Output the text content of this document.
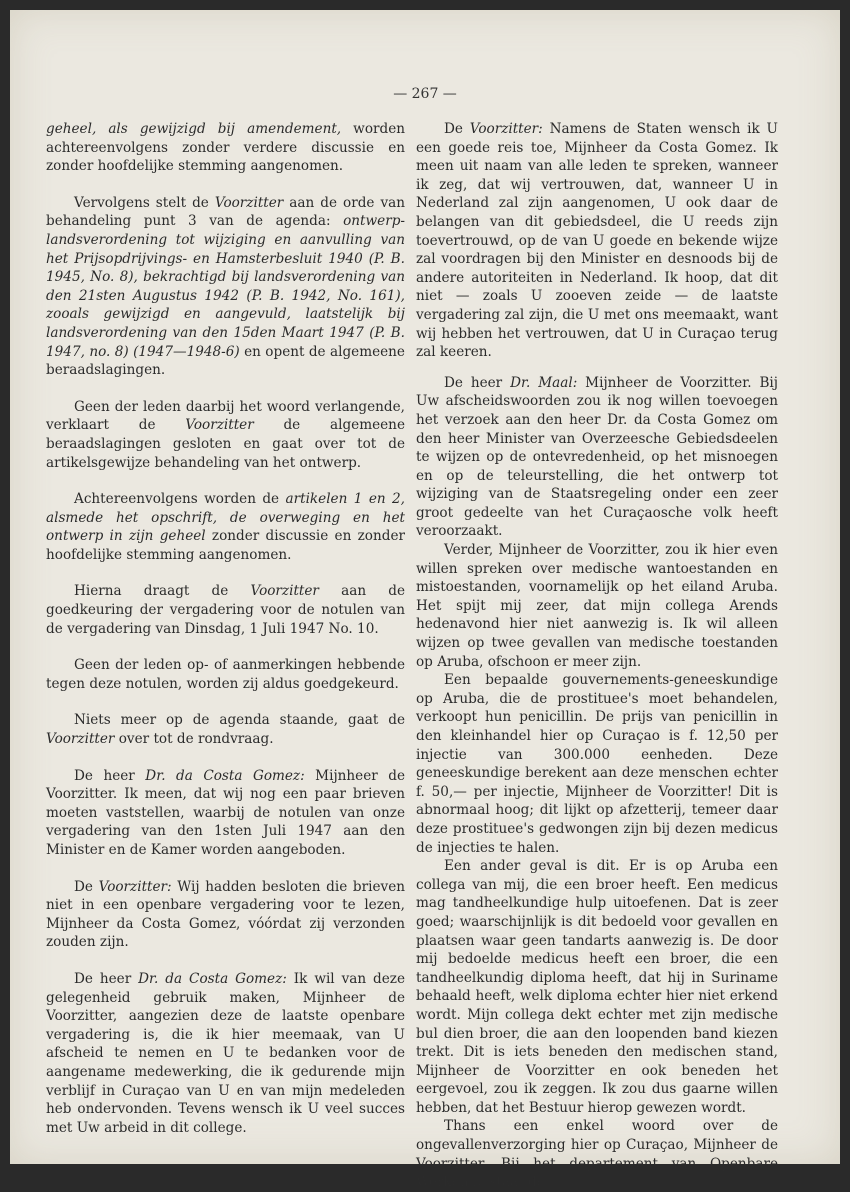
— 267 —

geheel, als gewijzigd bij amendement, worden achtereenvolgens zonder verdere discussie en zonder hoofdelijke stemming aangenomen.

Vervolgens stelt de Voorzitter aan de orde van behandeling punt 3 van de agenda: ontwerp-landsverordening tot wijziging en aanvulling van het Prijsopdrijvings- en Hamsterbesluit 1940 (P. B. 1945, No. 8), bekrachtigd bij landsverordening van den 21sten Augustus 1942 (P. B. 1942, No. 161), zooals gewijzigd en aangevuld, laatstelijk bij landsverordening van den 15den Maart 1947 (P. B. 1947, no. 8) (1947—1948-6) en opent de algemeene beraadslagingen.

Geen der leden daarbij het woord verlangende, verklaart de Voorzitter de algemeene beraadslagingen gesloten en gaat over tot de artikelsgewijze behandeling van het ontwerp.

Achtereenvolgens worden de artikelen 1 en 2, alsmede het opschrift, de overweging en het ontwerp in zijn geheel zonder discussie en zonder hoofdelijke stemming aangenomen.

Hierna draagt de Voorzitter aan de goedkeuring der vergadering voor de notulen van de vergadering van Dinsdag, 1 Juli 1947 No. 10.

Geen der leden op- of aanmerkingen hebbende tegen deze notulen, worden zij aldus goedgekeurd.

Niets meer op de agenda staande, gaat de Voorzitter over tot de rondvraag.

De heer Dr. da Costa Gomez: Mijnheer de Voorzitter. Ik meen, dat wij nog een paar brieven moeten vaststellen, waarbij de notulen van onze vergadering van den 1sten Juli 1947 aan den Minister en de Kamer worden aangeboden.

De Voorzitter: Wij hadden besloten die brieven niet in een openbare vergadering voor te lezen, Mijnheer da Costa Gomez, vóórdat zij verzonden zouden zijn.

De heer Dr. da Costa Gomez: Ik wil van deze gelegenheid gebruik maken, Mijnheer de Voorzitter, aangezien deze de laatste openbare vergadering is, die ik hier meemaak, van U afscheid te nemen en U te bedanken voor de aangename medewerking, die ik gedurende mijn verblijf in Curaçao van U en van mijn medeleden heb ondervonden. Tevens wensch ik U veel succes met Uw arbeid in dit college.

De Voorzitter: Namens de Staten wensch ik U een goede reis toe, Mijnheer da Costa Gomez. Ik meen uit naam van alle leden te spreken, wanneer ik zeg, dat wij vertrouwen, dat, wanneer U in Nederland zal zijn aangenomen, U ook daar de belangen van dit gebiedsdeel, die U reeds zijn toevertrouwd, op de van U goede en bekende wijze zal voordragen bij den Minister en desnoods bij de andere autoriteiten in Nederland. Ik hoop, dat dit niet — zoals U zooeven zeide — de laatste vergadering zal zijn, die U met ons meemaakt, want wij hebben het vertrouwen, dat U in Curaçao terug zal keeren.

De heer Dr. Maal: Mijnheer de Voorzitter. Bij Uw afscheidswoorden zou ik nog willen toevoegen het verzoek aan den heer Dr. da Costa Gomez om den heer Minister van Overzeesche Gebiedsdeelen te wijzen op de ontevredenheid, op het misnoegen en op de teleurstelling, die het ontwerp tot wijziging van de Staatsregeling onder een zeer groot gedeelte van het Curaçaosche volk heeft veroorzaakt.

Verder, Mijnheer de Voorzitter, zou ik hier even willen spreken over medische wantoestanden en mistoestanden, voornamelijk op het eiland Aruba. Het spijt mij zeer, dat mijn collega Arends hedenavond hier niet aanwezig is. Ik wil alleen wijzen op twee gevallen van medische toestanden op Aruba, ofschoon er meer zijn.

Een bepaalde gouvernements-geneeskundige op Aruba, die de prostituee's moet behandelen, verkoopt hun penicillin. De prijs van penicillin in den kleinhandel hier op Curaçao is f. 12,50 per injectie van 300.000 eenheden. Deze geneeskundige berekent aan deze menschen echter f. 50,— per injectie, Mijnheer de Voorzitter! Dit is abnormaal hoog; dit lijkt op afzetterij, temeer daar deze prostituee's gedwongen zijn bij dezen medicus de injecties te halen.

Een ander geval is dit. Er is op Aruba een collega van mij, die een broer heeft. Een medicus mag tandheelkundige hulp uitoefenen. Dat is zeer goed; waarschijnlijk is dit bedoeld voor gevallen en plaatsen waar geen tandarts aanwezig is. De door mij bedoelde medicus heeft een broer, die een tandheelkundig diploma heeft, dat hij in Suriname behaald heeft, welk diploma echter hier niet erkend wordt. Mijn collega dekt echter met zijn medische bul dien broer, die aan den loopenden band kiezen trekt. Dit is iets beneden den medischen stand, Mijnheer de Voorzitter en ook beneden het eergevoel, zou ik zeggen. Ik zou dus gaarne willen hebben, dat het Bestuur hierop gewezen wordt.

Thans een enkel woord over de ongevallenverzorging hier op Curaçao, Mijnheer de Voorzitter. Bij het departement van Openbare Werken bestaat de
